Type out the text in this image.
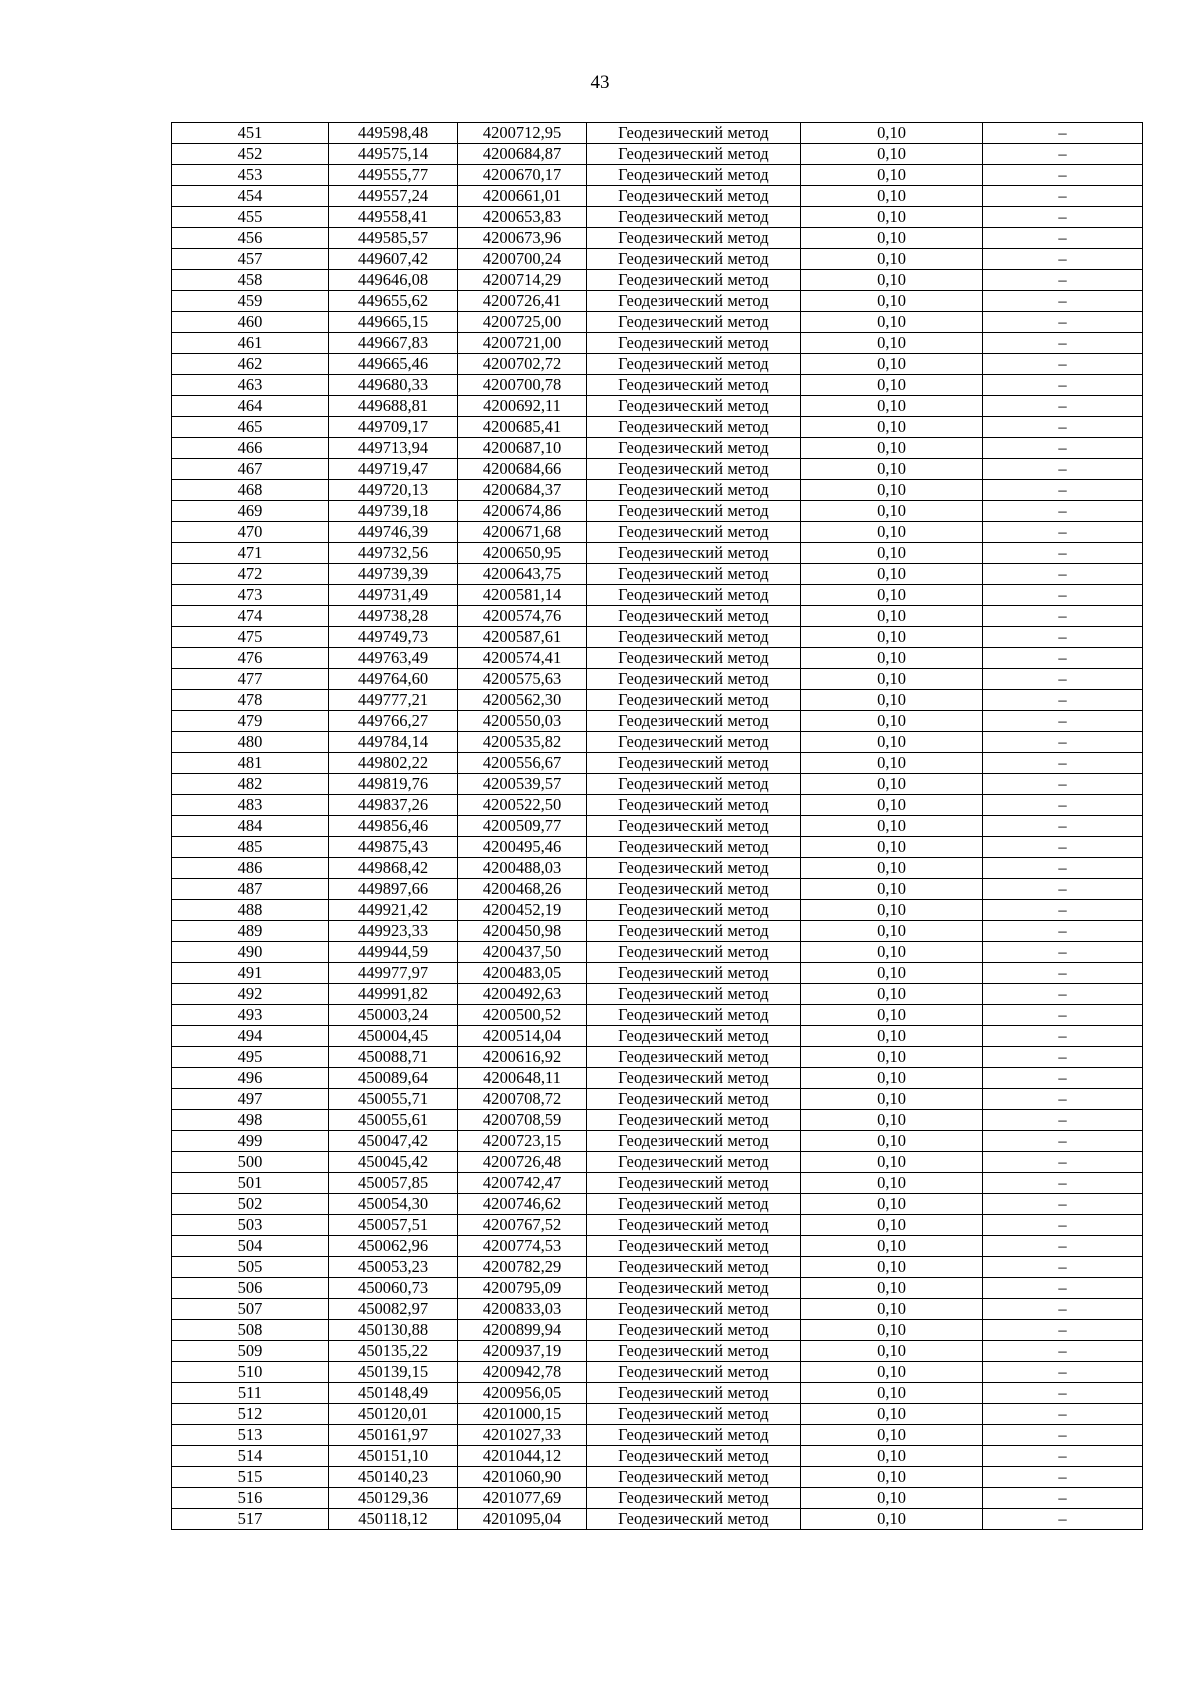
43
451	449598,48	4200712,95	Геодезический метод	0,10	–
452	449575,14	4200684,87	Геодезический метод	0,10	–
453	449555,77	4200670,17	Геодезический метод	0,10	–
454	449557,24	4200661,01	Геодезический метод	0,10	–
455	449558,41	4200653,83	Геодезический метод	0,10	–
456	449585,57	4200673,96	Геодезический метод	0,10	–
457	449607,42	4200700,24	Геодезический метод	0,10	–
458	449646,08	4200714,29	Геодезический метод	0,10	–
459	449655,62	4200726,41	Геодезический метод	0,10	–
460	449665,15	4200725,00	Геодезический метод	0,10	–
461	449667,83	4200721,00	Геодезический метод	0,10	–
462	449665,46	4200702,72	Геодезический метод	0,10	–
463	449680,33	4200700,78	Геодезический метод	0,10	–
464	449688,81	4200692,11	Геодезический метод	0,10	–
465	449709,17	4200685,41	Геодезический метод	0,10	–
466	449713,94	4200687,10	Геодезический метод	0,10	–
467	449719,47	4200684,66	Геодезический метод	0,10	–
468	449720,13	4200684,37	Геодезический метод	0,10	–
469	449739,18	4200674,86	Геодезический метод	0,10	–
470	449746,39	4200671,68	Геодезический метод	0,10	–
471	449732,56	4200650,95	Геодезический метод	0,10	–
472	449739,39	4200643,75	Геодезический метод	0,10	–
473	449731,49	4200581,14	Геодезический метод	0,10	–
474	449738,28	4200574,76	Геодезический метод	0,10	–
475	449749,73	4200587,61	Геодезический метод	0,10	–
476	449763,49	4200574,41	Геодезический метод	0,10	–
477	449764,60	4200575,63	Геодезический метод	0,10	–
478	449777,21	4200562,30	Геодезический метод	0,10	–
479	449766,27	4200550,03	Геодезический метод	0,10	–
480	449784,14	4200535,82	Геодезический метод	0,10	–
481	449802,22	4200556,67	Геодезический метод	0,10	–
482	449819,76	4200539,57	Геодезический метод	0,10	–
483	449837,26	4200522,50	Геодезический метод	0,10	–
484	449856,46	4200509,77	Геодезический метод	0,10	–
485	449875,43	4200495,46	Геодезический метод	0,10	–
486	449868,42	4200488,03	Геодезический метод	0,10	–
487	449897,66	4200468,26	Геодезический метод	0,10	–
488	449921,42	4200452,19	Геодезический метод	0,10	–
489	449923,33	4200450,98	Геодезический метод	0,10	–
490	449944,59	4200437,50	Геодезический метод	0,10	–
491	449977,97	4200483,05	Геодезический метод	0,10	–
492	449991,82	4200492,63	Геодезический метод	0,10	–
493	450003,24	4200500,52	Геодезический метод	0,10	–
494	450004,45	4200514,04	Геодезический метод	0,10	–
495	450088,71	4200616,92	Геодезический метод	0,10	–
496	450089,64	4200648,11	Геодезический метод	0,10	–
497	450055,71	4200708,72	Геодезический метод	0,10	–
498	450055,61	4200708,59	Геодезический метод	0,10	–
499	450047,42	4200723,15	Геодезический метод	0,10	–
500	450045,42	4200726,48	Геодезический метод	0,10	–
501	450057,85	4200742,47	Геодезический метод	0,10	–
502	450054,30	4200746,62	Геодезический метод	0,10	–
503	450057,51	4200767,52	Геодезический метод	0,10	–
504	450062,96	4200774,53	Геодезический метод	0,10	–
505	450053,23	4200782,29	Геодезический метод	0,10	–
506	450060,73	4200795,09	Геодезический метод	0,10	–
507	450082,97	4200833,03	Геодезический метод	0,10	–
508	450130,88	4200899,94	Геодезический метод	0,10	–
509	450135,22	4200937,19	Геодезический метод	0,10	–
510	450139,15	4200942,78	Геодезический метод	0,10	–
511	450148,49	4200956,05	Геодезический метод	0,10	–
512	450120,01	4201000,15	Геодезический метод	0,10	–
513	450161,97	4201027,33	Геодезический метод	0,10	–
514	450151,10	4201044,12	Геодезический метод	0,10	–
515	450140,23	4201060,90	Геодезический метод	0,10	–
516	450129,36	4201077,69	Геодезический метод	0,10	–
517	450118,12	4201095,04	Геодезический метод	0,10	–
